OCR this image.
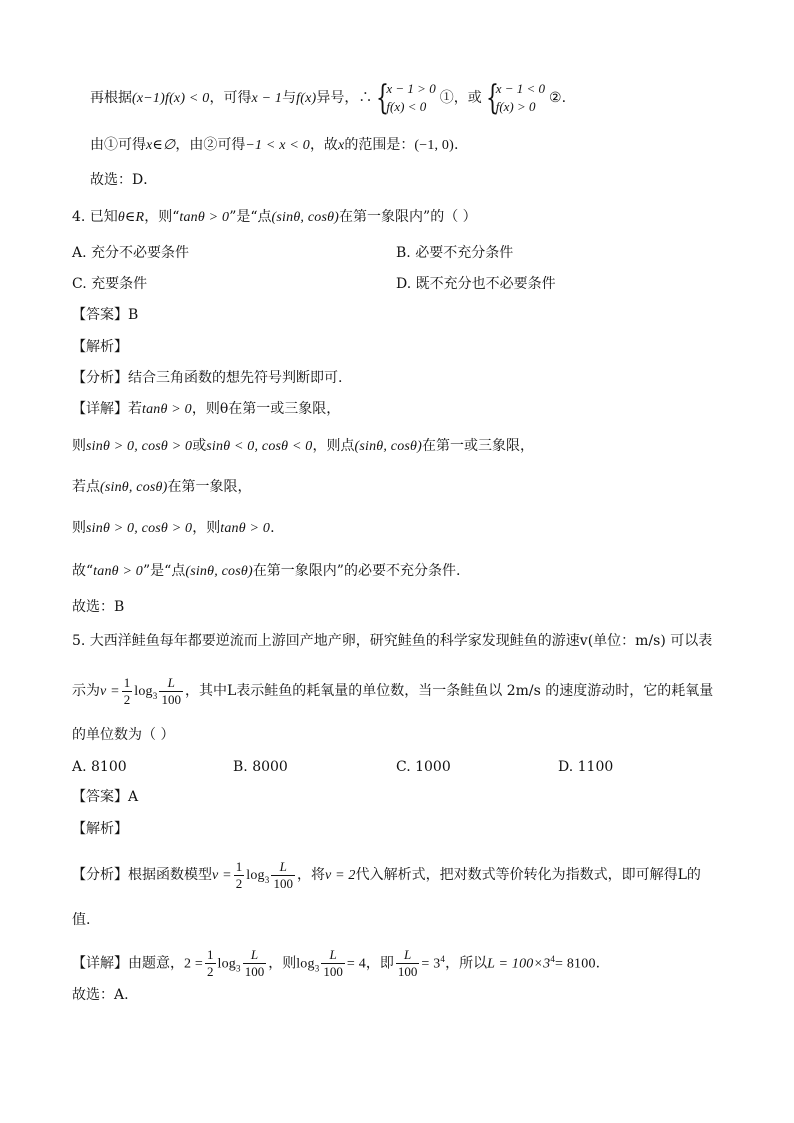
再根据(x−1)f(x) < 0，可得x − 1与f(x)异号，∴ {
x − 1 > 0
f(x) < 0
①，或 {
x − 1 < 0
f(x) > 0
②.
由①可得x∈∅，由②可得−1 < x < 0，故x的范围是：(−1, 0).
故选：D．
4. 已知θ∈R，则“tanθ > 0”是“点(sinθ, cosθ)在第一象限内”的（ ）
A. 充分不必要条件	B. 必要不充分条件
C. 充要条件	D. 既不充分也不必要条件
【答案】B
【解析】
【分析】结合三角函数的想先符号判断即可.
【详解】若tanθ > 0，则θ在第一或三象限，
则sinθ > 0, cosθ > 0或sinθ < 0, cosθ < 0，则点(sinθ, cosθ)在第一或三象限，
若点(sinθ, cosθ)在第一象限，
则sinθ > 0, cosθ > 0，则tanθ > 0.
故“tanθ > 0”是“点(sinθ, cosθ)在第一象限内”的必要不充分条件.
故选：B
5. 大西洋鲑鱼每年都要逆流而上游回产地产卵，研究鲑鱼的科学家发现鲑鱼的游速v(单位：m/s) 可以表
示为$v = \frac{1}{2} \log_3 \frac{L}{100}$ ，其中L表示鲑鱼的耗氧量的单位数，当一条鲑鱼以 2m/s 的速度游动时，它的耗氧量
的单位数为（ ）
A. 8100	B. 8000	C. 1000	D. 1100
【答案】A
【解析】
【分析】根据函数模型$v = \frac{1}{2} \log_3 \frac{L}{100}$ ，将v = 2代入解析式，把对数式等价转化为指数式，即可解得L的
值.
【详解】由题意，$2 = \frac{1}{2} \log_3 \frac{L}{100}$ ，则$\log_3 \frac{L}{100} = 4$，即 $\frac{L}{100} = 3^4$，所以$L = 100\times 3^4= 8100$.
故选：A.
